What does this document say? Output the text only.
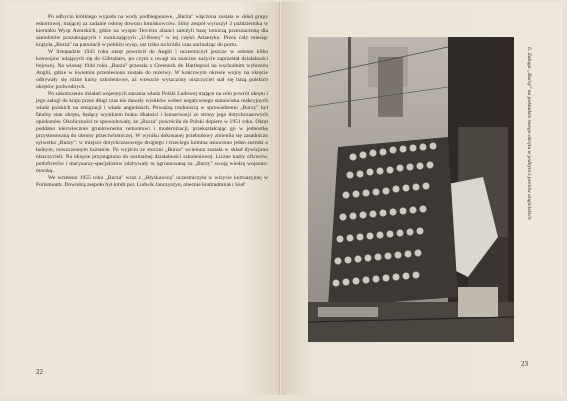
Po odbyciu krótkiego wypadu na wody podbiegunowe, „Burza" włączona została w skład grupy eskortowej, mającej za zadanie osłonę dowozu lotniskowców. Silny zespół wyruszył 3 października w kierunku Wysp Azorskich, gdzie na wyspie Terceira alianci założyli bazę lotniczą przeznaczoną dla samolotów poszukujących i zwalczających „U-Booty" w tej części Atlantyku. Przez cały miesiąc krążyła „Burza" na patrolach w pobliżu wysp, raz tylko na krótki czas zachodząc do portu.

W listopadzie 1943 roku okręt powrócił do Anglii i uczestniczył jeszcze w osłonie kilku konwojów udających się do Gibraltaru, po czym z uwagi na znaczne zużycie zaprzestał działalności bojowej. Na wiosnę 1944 roku „Burza" przeszła z Greenock do Hartlepool na wschodnim wybrzeżu Anglii, gdzie w kwietniu przeniesiona została do rezerwy. W końcowym okresie wojny na okręcie odbywały się różne kursy szkoleniowe, aż wreszcie wyszczony niszczyciel stał się bazą polskich okrętów podwodnych.

Po zakończeniu działań wojennych starania władz Polski Ludowej mające na celu powrót okrętu i jego załogi do kraju przez długi czas nie dawały wyników wobec negatywnego stanowiska reakcyjnych władz polskich na emigracji i władz angielskich. Poważną trudnością w sprowadzeniu „Burzy" był fatalny stan okrętu, będący wynikiem braku dbałości i konserwacji ze strony jego dotychczasowych opiekunów. Okoliczności te spowodowały, że „Burza" powróciła do Polski dopiero w 1951 roku. Okręt poddano niezwłocznie gruntownemu remontowi i modernizacji, przekształcając go w jednostkę przystosowaną do obrony przeciwlotniczej. W wyniku dokonanej przebudowy zmieniła się zasadniczo sylwetka „Burzy": w miejsce dotychczasowego drugiego i trzeciego komina ustawiono jeden szeroki o ładnym, nowoczesnym kształcie. Po wyjściu ze stoczni „Burza" wcielona została w skład dywizjonu niszczycieli. Na okręcie przystąpiono do normalnej działalności szkoleniowej. Liczne kadry oficerów, podoficerów i marynarzy-specjalistów zdobywały tu ugruntowaną na „Burzy" swoją wiedzę wojenno-morską.

We wrześniu 1955 roku „Burza" wraz z „Błyskawicą" uczestniczyła w wizycie kurtuazyjnej w Portsmouth. Dowódcą zespołu był kmdr por. Ludwik Janczyszyn, obecnie kontradmirał i Szef

22
6. Załoga „Burzy" na pokładzie swego okrętu w jednym z portów angielskich
23
